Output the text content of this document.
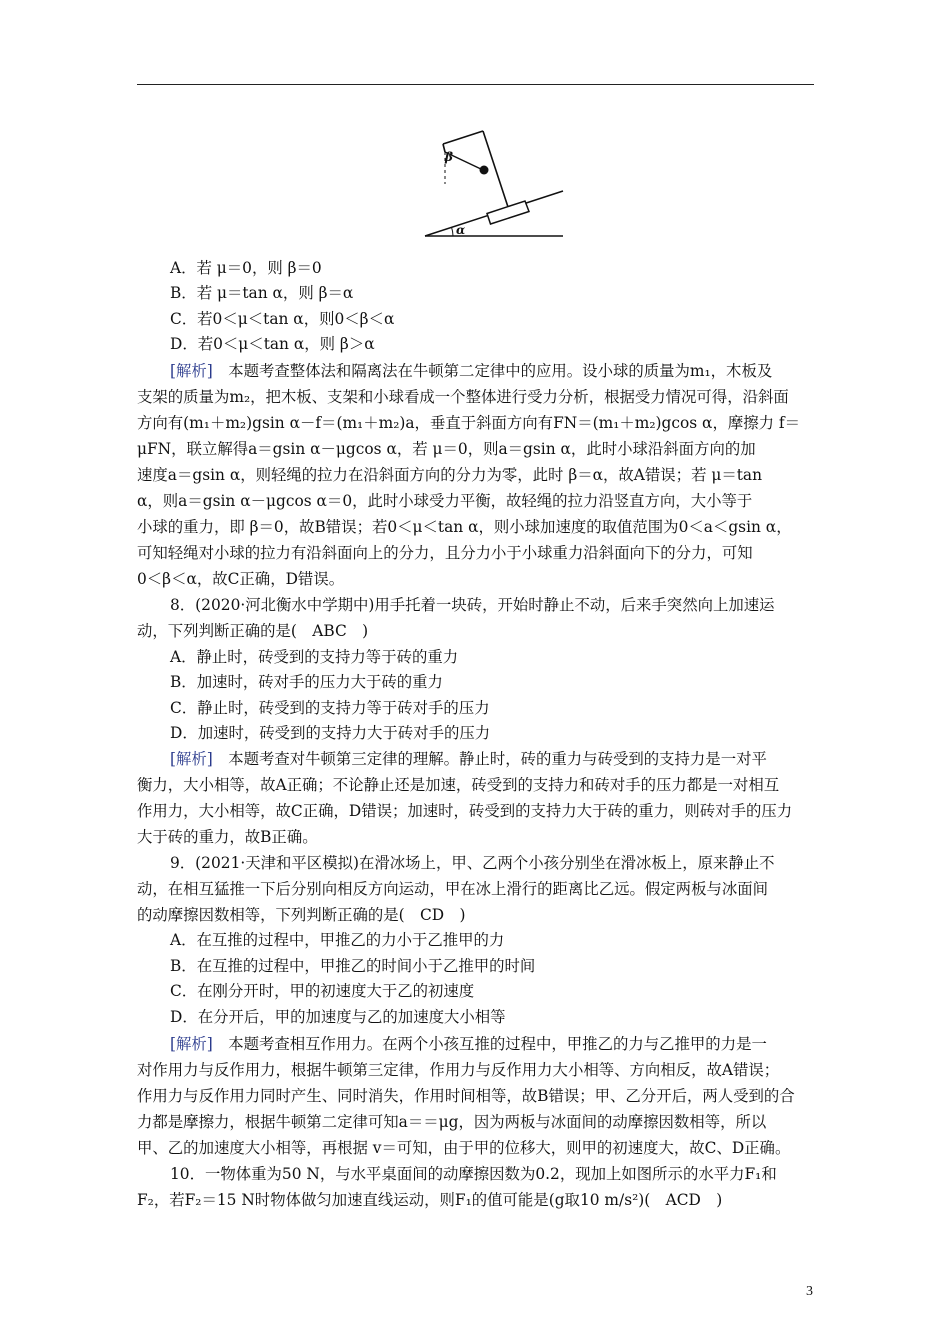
β
α
A．若 μ＝0，则 β＝0
B．若 μ＝tan α，则 β＝α
C．若0＜μ＜tan α，则0＜β＜α
D．若0＜μ＜tan α，则 β＞α
[解析]　本题考查整体法和隔离法在牛顿第二定律中的应用。设小球的质量为m₁，木板及
支架的质量为m₂，把木板、支架和小球看成一个整体进行受力分析，根据受力情况可得，沿斜面
方向有(m₁＋m₂)gsin α－f＝(m₁＋m₂)a，垂直于斜面方向有FN＝(m₁＋m₂)gcos α，摩擦力 f＝
μFN，联立解得a＝gsin α－μgcos α，若 μ＝0，则a＝gsin α，此时小球沿斜面方向的加
速度a＝gsin α，则轻绳的拉力在沿斜面方向的分力为零，此时 β＝α，故A错误；若 μ＝tan
α，则a＝gsin α－μgcos α＝0，此时小球受力平衡，故轻绳的拉力沿竖直方向，大小等于
小球的重力，即 β＝0，故B错误；若0＜μ＜tan α，则小球加速度的取值范围为0＜a＜gsin α，
可知轻绳对小球的拉力有沿斜面向上的分力，且分力小于小球重力沿斜面向下的分力，可知
0＜β＜α，故C正确，D错误。
8．(2020·河北衡水中学期中)用手托着一块砖，开始时静止不动，后来手突然向上加速运
动，下列判断正确的是(　ABC　)
A．静止时，砖受到的支持力等于砖的重力
B．加速时，砖对手的压力大于砖的重力
C．静止时，砖受到的支持力等于砖对手的压力
D．加速时，砖受到的支持力大于砖对手的压力
[解析]　本题考查对牛顿第三定律的理解。静止时，砖的重力与砖受到的支持力是一对平
衡力，大小相等，故A正确；不论静止还是加速，砖受到的支持力和砖对手的压力都是一对相互
作用力，大小相等，故C正确，D错误；加速时，砖受到的支持力大于砖的重力，则砖对手的压力
大于砖的重力，故B正确。
9．(2021·天津和平区模拟)在滑冰场上，甲、乙两个小孩分别坐在滑冰板上，原来静止不
动，在相互猛推一下后分别向相反方向运动，甲在冰上滑行的距离比乙远。假定两板与冰面间
的动摩擦因数相等，下列判断正确的是(　CD　)
A．在互推的过程中，甲推乙的力小于乙推甲的力
B．在互推的过程中，甲推乙的时间小于乙推甲的时间
C．在刚分开时，甲的初速度大于乙的初速度
D．在分开后，甲的加速度与乙的加速度大小相等
[解析]　本题考查相互作用力。在两个小孩互推的过程中，甲推乙的力与乙推甲的力是一
对作用力与反作用力，根据牛顿第三定律，作用力与反作用力大小相等、方向相反，故A错误；
作用力与反作用力同时产生、同时消失，作用时间相等，故B错误；甲、乙分开后，两人受到的合
力都是摩擦力，根据牛顿第二定律可知a＝＝μg，因为两板与冰面间的动摩擦因数相等，所以
甲、乙的加速度大小相等，再根据 v＝可知，由于甲的位移大，则甲的初速度大，故C、D正确。
10．一物体重为50 N，与水平桌面间的动摩擦因数为0.2，现加上如图所示的水平力F₁和
F₂，若F₂＝15 N时物体做匀加速直线运动，则F₁的值可能是(g取10 m/s²)(　ACD　)
3
